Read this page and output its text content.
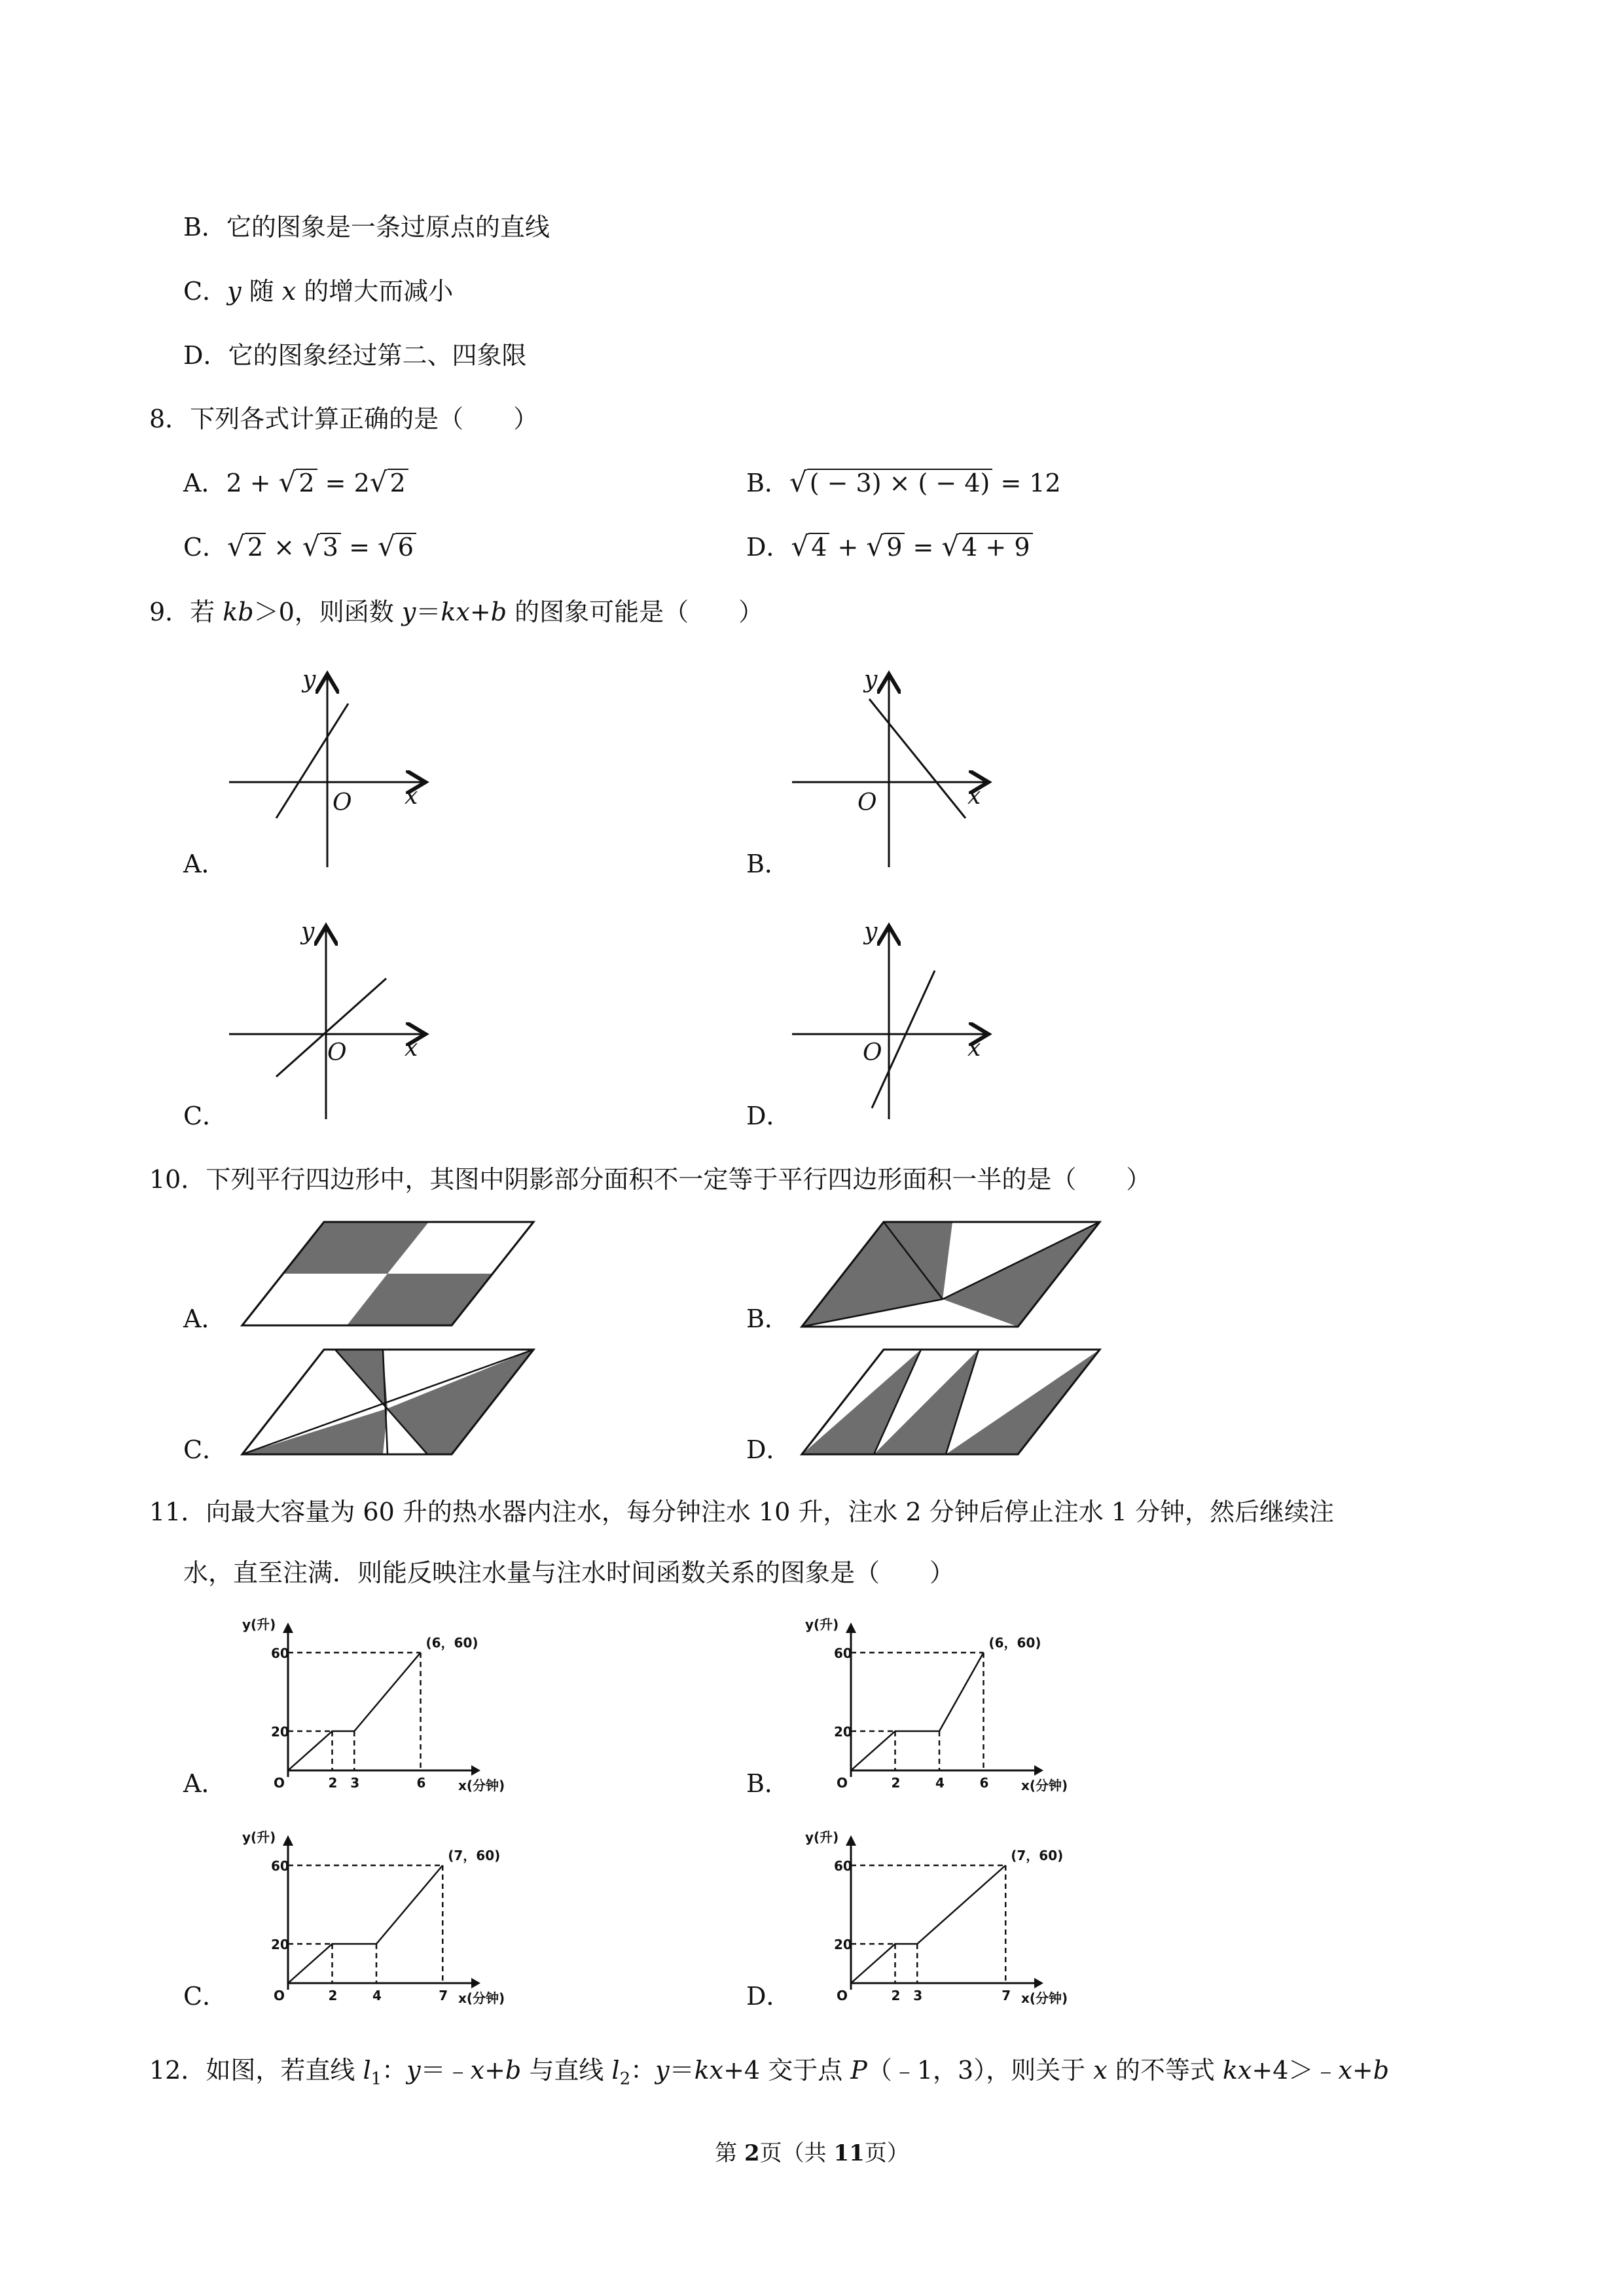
B．它的图象是一条过原点的直线
C．y 随 x 的增大而减小
D．它的图象经过第二、四象限
8．下列各式计算正确的是（　　）
A．2 + √ 2 = 2√ 2	B．√ ( − 3) × ( − 4) = 12
C．√ 2 × √ 3 = √ 6	D．√ 4 + √ 9 = √ 4 + 9
9．若 kb＞0，则函数 y＝kx+b 的图象可能是（　　）
y
x
O
A．
y
x
O
B．
y
x
O
C．
y
x
O
D．
10．下列平行四边形中，其图中阴影部分面积不一定等于平行四边形面积一半的是（　　）
A．	B．
C．	D．
11．向最大容量为 60 升的热水器内注水，每分钟注水 10 升，注水 2 分钟后停止注水 1 分钟，然后继续注
水，直至注满．则能反映注水量与注水时间函数关系的图象是（　　）
y(升)
60
20
O	2 3	6 x(分钟)
(6，60)
A．
y(升)
60
20
O	2	4	6 x(分钟)
(6，60)
B．
y(升)
60
20
O	2	4	7 x(分钟)
(7，60)
C．
y(升)
60
20
O	2 3	7 x(分钟)
(7，60)
D．
12．如图，若直线 $l_1$：y＝﹣x+b 与直线 $l_2$：y＝kx+4 交于点 P（﹣1，3），则关于 x 的不等式 kx+4＞﹣x+b
第 2页（共 11页）
